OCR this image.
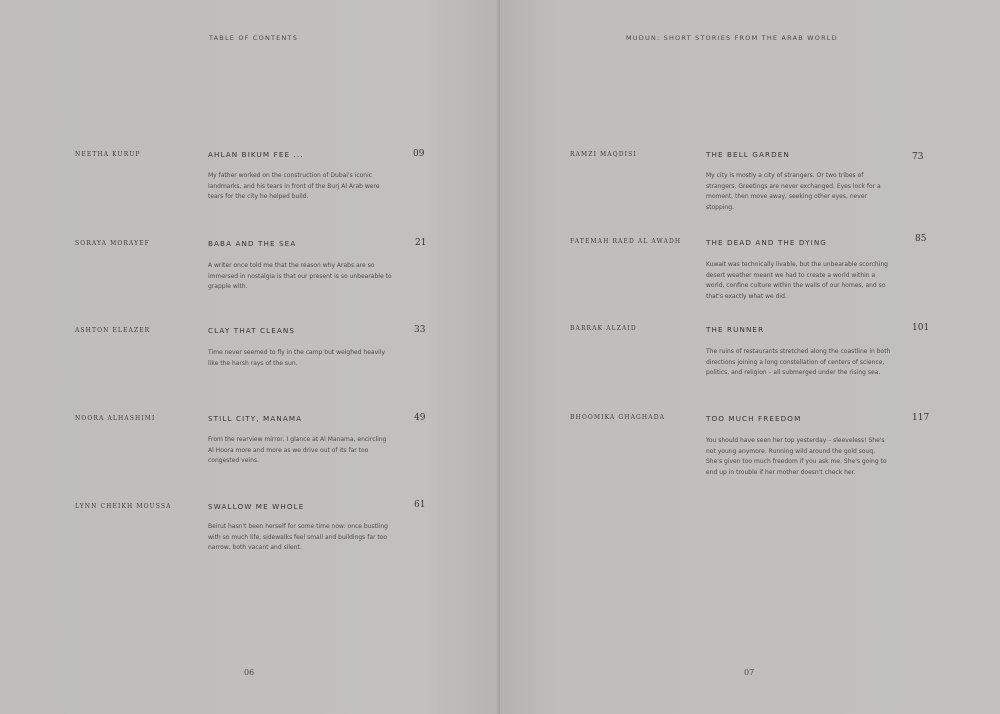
TABLE OF CONTENTS
NEETHA KURUP	AHLAN BIKUM FEE ...	09
My father worked on the construction of Dubai's iconic landmarks, and his tears in front of the Burj Al Arab were tears for the city he helped build.
SORAYA MORAYEF	BABA AND THE SEA	21
A writer once told me that the reason why Arabs are so immersed in nostalgia is that our present is so unbearable to grapple with.
ASHTON ELEAZER	CLAY THAT CLEANS	33
Time never seemed to fly in the camp but weighed heavily like the harsh rays of the sun.
NOORA ALHASHIMI	STILL CITY, MANAMA	49
From the rearview mirror, I glance at Al Manama, encircling Al Hoora more and more as we drive out of its far too congested veins.
LYNN CHEIKH MOUSSA	SWALLOW ME WHOLE	61
Beirut hasn't been herself for some time now: once bustling with so much life, sidewalks feel small and buildings far too narrow, both vacant and silent.
06
MUDUN: SHORT STORIES FROM THE ARAB WORLD
RAMZI MAQDISI	THE BELL GARDEN	73
My city is mostly a city of strangers. Or two tribes of strangers. Greetings are never exchanged. Eyes lock for a moment, then move away, seeking other eyes, never stopping.
FATEMAH RAED AL AWADH	THE DEAD AND THE DYING	85
Kuwait was technically livable, but the unbearable scorching desert weather meant we had to create a world within a world, confine culture within the walls of our homes, and so that's exactly what we did.
BARRAK ALZAID	THE RUNNER	101
The ruins of restaurants stretched along the coastline in both directions joining a long constellation of centers of science, politics, and religion – all submerged under the rising sea.
BHOOMIKA GHAGHADA	TOO MUCH FREEDOM	117
You should have seen her top yesterday – sleeveless! She's not young anymore. Running wild around the gold souq. She's given too much freedom if you ask me. She's going to end up in trouble if her mother doesn't check her.
07
